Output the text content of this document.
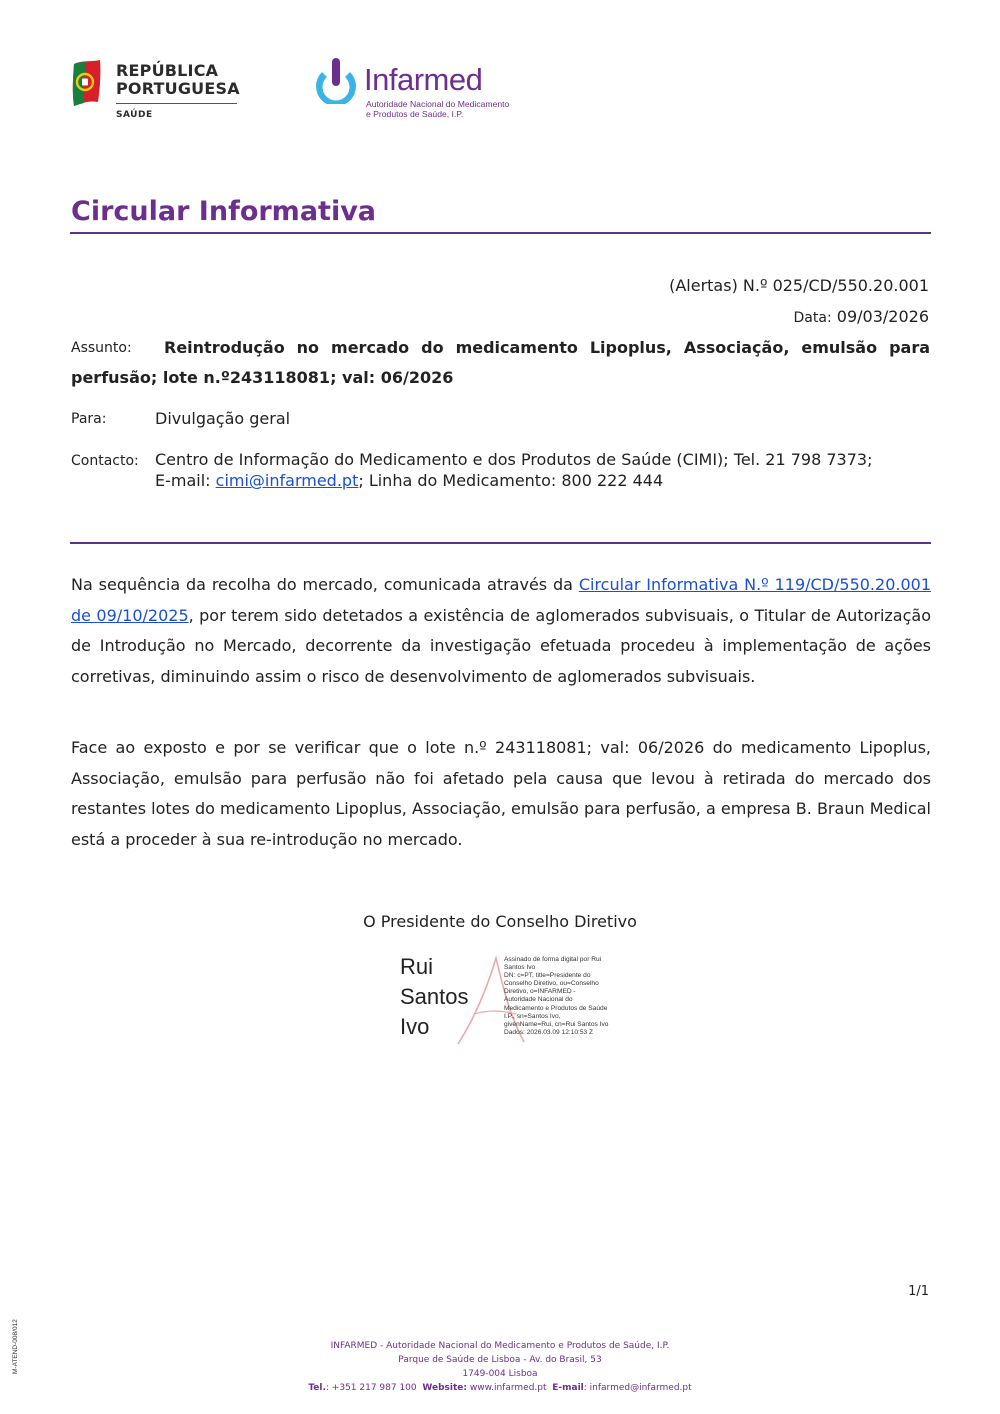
REPÚBLICA
PORTUGUESA
SAÚDE
Infarmed
Autoridade Nacional do Medicamento
e Produtos de Saúde, I.P.
Circular Informativa
(Alertas) N.º 025/CD/550.20.001
Data: 09/03/2026
Assunto: Reintrodução no mercado do medicamento Lipoplus, Associação, emulsão para
perfusão; lote n.º243118081; val: 06/2026
Para:	Divulgação geral
Contacto: Centro de Informação do Medicamento e dos Produtos de Saúde (CIMI); Tel. 21 798 7373;
E-mail: cimi@infarmed.pt; Linha do Medicamento: 800 222 444
Na sequência da recolha do mercado, comunicada através da Circular Informativa N.º 119/CD/550.20.001 de 09/10/2025, por terem sido detetados a existência de aglomerados subvisuais, o Titular de Autorização de Introdução no Mercado, decorrente da investigação efetuada procedeu à implementação de ações corretivas, diminuindo assim o risco de desenvolvimento de aglomerados subvisuais.
Face ao exposto e por se verificar que o lote n.º 243118081; val: 06/2026 do medicamento Lipoplus, Associação, emulsão para perfusão não foi afetado pela causa que levou à retirada do mercado dos restantes lotes do medicamento Lipoplus, Associação, emulsão para perfusão, a empresa B. Braun Medical está a proceder à sua re-introdução no mercado.
O Presidente do Conselho Diretivo
Rui
Santos
Ivo
Assinado de forma digital por Rui
Santos Ivo
DN: c=PT, title=Presidente do
Conselho Diretivo, ou=Conselho
Diretivo, o=INFARMED -
Autoridade Nacional do
Medicamento e Produtos de Saúde
I.P., sn=Santos Ivo,
givenName=Rui, cn=Rui Santos Ivo
Dados: 2026.03.09 12:10:53 Z
1/1
M-ATEND-008/012	INFARMED - Autoridade Nacional do Medicamento e Produtos de Saúde, I.P.
Parque de Saúde de Lisboa - Av. do Brasil, 53
1749-004 Lisboa
Tel.: +351 217 987 100 Website: www.infarmed.pt E-mail: infarmed@infarmed.pt
